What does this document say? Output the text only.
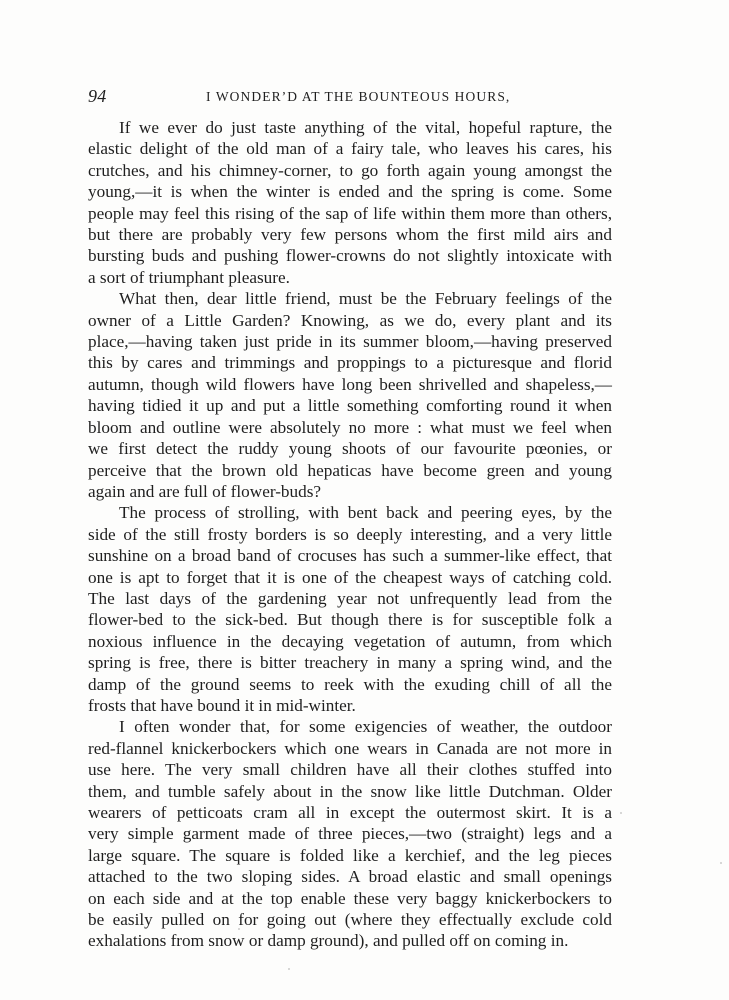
94	I WONDER’D AT THE BOUNTEOUS HOURS,
If we ever do just taste anything of the vital, hopeful rapture, the
elastic delight of the old man of a fairy tale, who leaves his cares, his
crutches, and his chimney-corner, to go forth again young amongst the
young,—it is when the winter is ended and the spring is come. Some
people may feel this rising of the sap of life within them more than others,
but there are probably very few persons whom the first mild airs and
bursting buds and pushing flower-crowns do not slightly intoxicate with
a sort of triumphant pleasure.
What then, dear little friend, must be the February feelings of the
owner of a Little Garden? Knowing, as we do, every plant and its
place,—having taken just pride in its summer bloom,—having preserved
this by cares and trimmings and proppings to a picturesque and florid
autumn, though wild flowers have long been shrivelled and shapeless,—
having tidied it up and put a little something comforting round it when
bloom and outline were absolutely no more : what must we feel when
we first detect the ruddy young shoots of our favourite pœonies, or
perceive that the brown old hepaticas have become green and young
again and are full of flower-buds?
The process of strolling, with bent back and peering eyes, by the
side of the still frosty borders is so deeply interesting, and a very little
sunshine on a broad band of crocuses has such a summer-like effect, that
one is apt to forget that it is one of the cheapest ways of catching cold.
The last days of the gardening year not unfrequently lead from the
flower-bed to the sick-bed. But though there is for susceptible folk a
noxious influence in the decaying vegetation of autumn, from which
spring is free, there is bitter treachery in many a spring wind, and the
damp of the ground seems to reek with the exuding chill of all the
frosts that have bound it in mid-winter.
I often wonder that, for some exigencies of weather, the outdoor
red-flannel knickerbockers which one wears in Canada are not more in
use here. The very small children have all their clothes stuffed into
them, and tumble safely about in the snow like little Dutchman. Older
wearers of petticoats cram all in except the outermost skirt. It is a
very simple garment made of three pieces,—two (straight) legs and a
large square. The square is folded like a kerchief, and the leg pieces
attached to the two sloping sides. A broad elastic and small openings
on each side and at the top enable these very baggy knickerbockers to
be easily pulled on for going out (where they effectually exclude cold
exhalations from snow or damp ground), and pulled off on coming in.
